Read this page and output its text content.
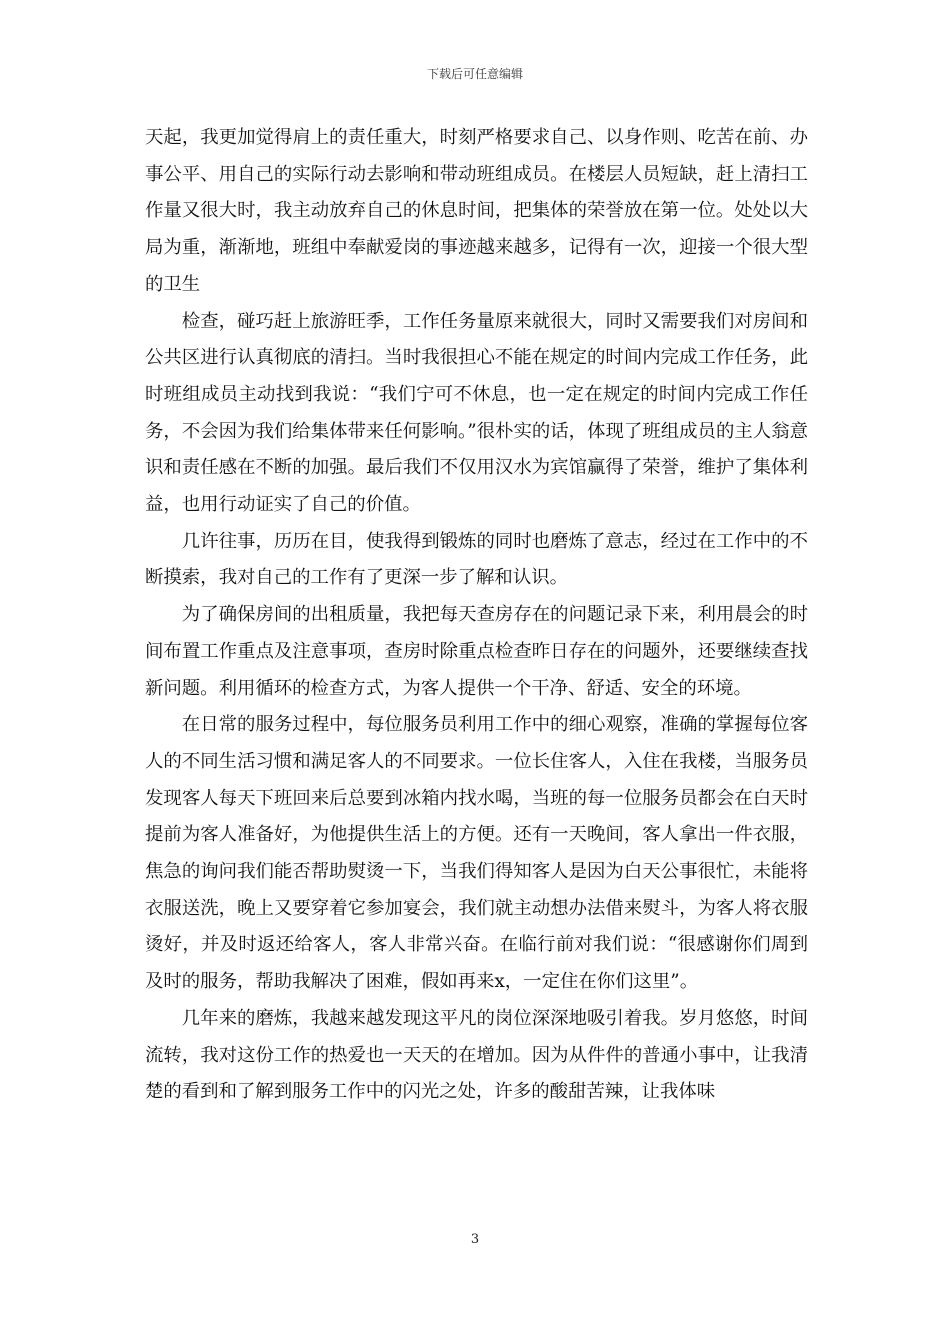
下载后可任意编辑

天起，我更加觉得肩上的责任重大，时刻严格要求自己、以身作则、吃苦在前、办事公平、用自己的实际行动去影响和带动班组成员。在楼层人员短缺，赶上清扫工作量又很大时，我主动放弃自己的休息时间，把集体的荣誉放在第一位。处处以大局为重，渐渐地，班组中奉献爱岗的事迹越来越多，记得有一次，迎接一个很大型的卫生

检查，碰巧赶上旅游旺季，工作任务量原来就很大，同时又需要我们对房间和公共区进行认真彻底的清扫。当时我很担心不能在规定的时间内完成工作任务，此时班组成员主动找到我说：“我们宁可不休息，也一定在规定的时间内完成工作任务，不会因为我们给集体带来任何影响。”很朴实的话，体现了班组成员的主人翁意识和责任感在不断的加强。最后我们不仅用汉水为宾馆赢得了荣誉，维护了集体利益，也用行动证实了自己的价值。

几许往事，历历在目，使我得到锻炼的同时也磨炼了意志，经过在工作中的不断摸索，我对自己的工作有了更深一步了解和认识。

为了确保房间的出租质量，我把每天查房存在的问题记录下来，利用晨会的时间布置工作重点及注意事项，查房时除重点检查昨日存在的问题外，还要继续查找新问题。利用循环的检查方式，为客人提供一个干净、舒适、安全的环境。

在日常的服务过程中，每位服务员利用工作中的细心观察，准确的掌握每位客人的不同生活习惯和满足客人的不同要求。一位长住客人，入住在我楼，当服务员发现客人每天下班回来后总要到冰箱内找水喝，当班的每一位服务员都会在白天时提前为客人准备好，为他提供生活上的方便。还有一天晚间，客人拿出一件衣服，焦急的询问我们能否帮助熨烫一下，当我们得知客人是因为白天公事很忙，未能将衣服送洗，晚上又要穿着它参加宴会，我们就主动想办法借来熨斗，为客人将衣服烫好，并及时返还给客人，客人非常兴奋。在临行前对我们说：“很感谢你们周到及时的服务，帮助我解决了困难，假如再来x，一定住在你们这里”。

几年来的磨炼，我越来越发现这平凡的岗位深深地吸引着我。岁月悠悠，时间流转，我对这份工作的热爱也一天天的在增加。因为从件件的普通小事中，让我清楚的看到和了解到服务工作中的闪光之处，许多的酸甜苦辣，让我体味

3
